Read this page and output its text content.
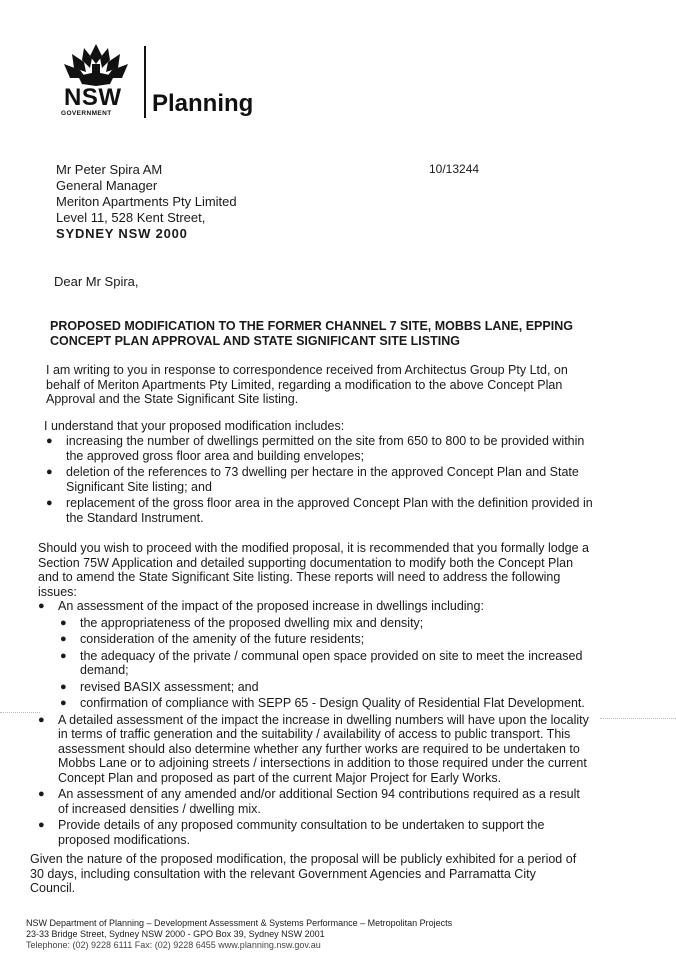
NSW
GOVERNMENT Planning
Mr Peter Spira AM
General Manager
Meriton Apartments Pty Limited
Level 11, 528 Kent Street,
SYDNEY NSW 2000
10/13244
Dear Mr Spira,
PROPOSED MODIFICATION TO THE FORMER CHANNEL 7 SITE, MOBBS LANE, EPPING
CONCEPT PLAN APPROVAL AND STATE SIGNIFICANT SITE LISTING
I am writing to you in response to correspondence received from Architectus Group Pty Ltd, on
behalf of Meriton Apartments Pty Limited, regarding a modification to the above Concept Plan
Approval and the State Significant Site listing.
I understand that your proposed modification includes:
● increasing the number of dwellings permitted on the site from 650 to 800 to be provided within
the approved gross floor area and building envelopes;
● deletion of the references to 73 dwelling per hectare in the approved Concept Plan and State
Significant Site listing; and
● replacement of the gross floor area in the approved Concept Plan with the definition provided in
the Standard Instrument.
Should you wish to proceed with the modified proposal, it is recommended that you formally lodge a
Section 75W Application and detailed supporting documentation to modify both the Concept Plan
and to amend the State Significant Site listing. These reports will need to address the following
issues:
● An assessment of the impact of the proposed increase in dwellings including:
● the appropriateness of the proposed dwelling mix and density;
● consideration of the amenity of the future residents;
● the adequacy of the private / communal open space provided on site to meet the increased
demand;
● revised BASIX assessment; and
● confirmation of compliance with SEPP 65 - Design Quality of Residential Flat Development.
● A detailed assessment of the impact the increase in dwelling numbers will have upon the locality
in terms of traffic generation and the suitability / availability of access to public transport. This
assessment should also determine whether any further works are required to be undertaken to
Mobbs Lane or to adjoining streets / intersections in addition to those required under the current
Concept Plan and proposed as part of the current Major Project for Early Works.
● An assessment of any amended and/or additional Section 94 contributions required as a result
of increased densities / dwelling mix.
● Provide details of any proposed community consultation to be undertaken to support the
proposed modifications.
Given the nature of the proposed modification, the proposal will be publicly exhibited for a period of
30 days, including consultation with the relevant Government Agencies and Parramatta City
Council.
NSW Department of Planning – Development Assessment & Systems Performance – Metropolitan Projects
23-33 Bridge Street, Sydney NSW 2000 - GPO Box 39, Sydney NSW 2001
Telephone: (02) 9228 6111 Fax: (02) 9228 6455 www.planning.nsw.gov.au
